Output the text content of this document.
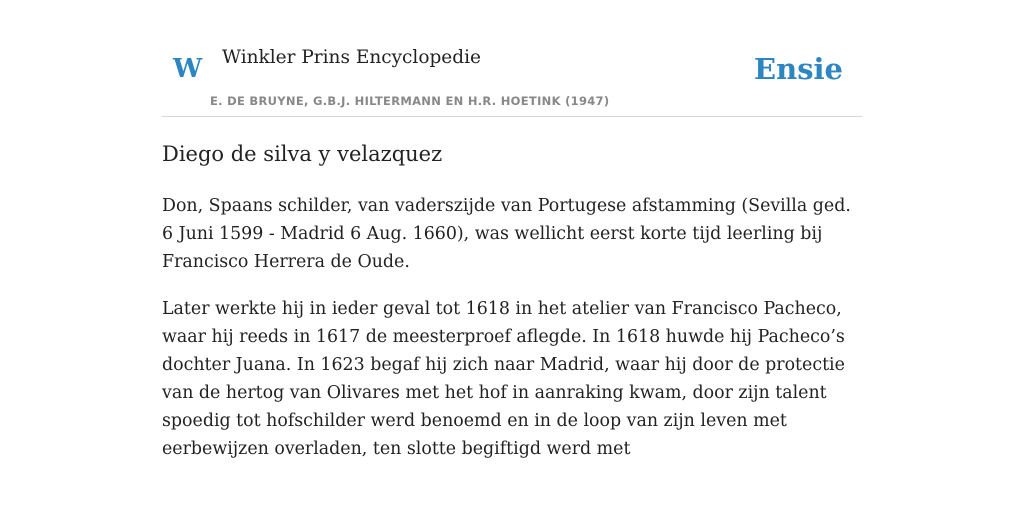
W Winkler Prins Encyclopedie
E. DE BRUYNE, G.B.J. HILTERMANN EN H.R. HOETINK (1947)
Ensie
Diego de silva y velazquez

Don, Spaans schilder, van vaderszijde van Portugese afstamming (Sevilla ged. 6 Juni 1599 - Madrid 6 Aug. 1660), was wellicht eerst korte tijd leerling bij Francisco Herrera de Oude.

Later werkte hij in ieder geval tot 1618 in het atelier van Francisco Pacheco, waar hij reeds in 1617 de meesterproef aflegde. In 1618 huwde hij Pacheco’s dochter Juana. In 1623 begaf hij zich naar Madrid, waar hij door de protectie van de hertog van Olivares met het hof in aanraking kwam, door zijn talent spoedig tot hofschilder werd benoemd en in de loop van zijn leven met eerbewijzen overladen, ten slotte begiftigd werd met
